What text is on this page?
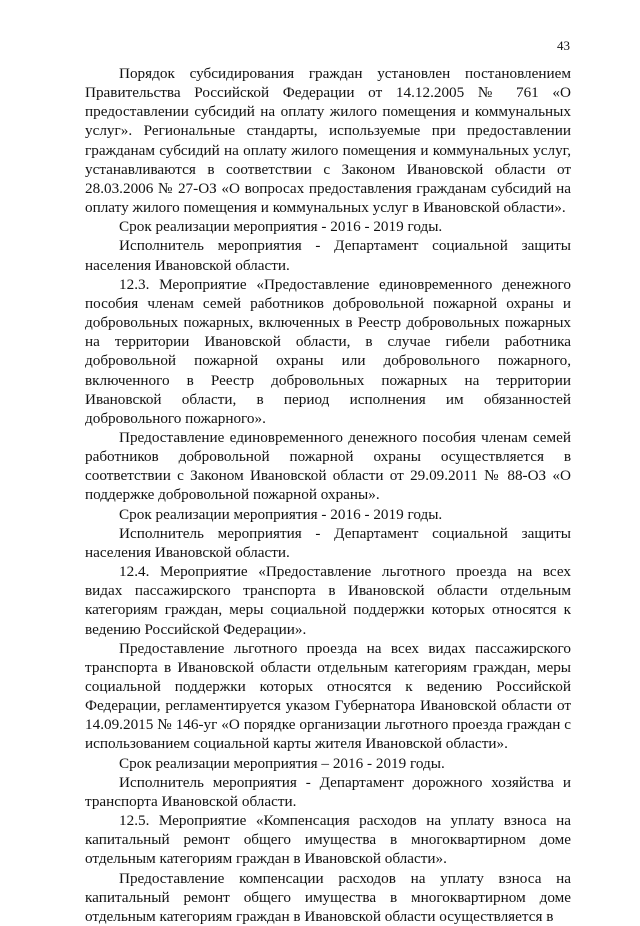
43

Порядок субсидирования граждан установлен постановлением Правительства Российской Федерации от 14.12.2005 № 761 «О предоставлении субсидий на оплату жилого помещения и коммунальных услуг». Региональные стандарты, используемые при предоставлении гражданам субсидий на оплату жилого помещения и коммунальных услуг, устанавливаются в соответствии с Законом Ивановской области от 28.03.2006 № 27-ОЗ «О вопросах предоставления гражданам субсидий на оплату жилого помещения и коммунальных услуг в Ивановской области».

Срок реализации мероприятия - 2016 - 2019 годы.

Исполнитель мероприятия - Департамент социальной защиты населения Ивановской области.

12.3. Мероприятие «Предоставление единовременного денежного пособия членам семей работников добровольной пожарной охраны и добровольных пожарных, включенных в Реестр добровольных пожарных на территории Ивановской области, в случае гибели работника добровольной пожарной охраны или добровольного пожарного, включенного в Реестр добровольных пожарных на территории Ивановской области, в период исполнения им обязанностей добровольного пожарного».

Предоставление единовременного денежного пособия членам семей работников добровольной пожарной охраны осуществляется в соответствии с Законом Ивановской области от 29.09.2011 № 88-ОЗ «О поддержке добровольной пожарной охраны».

Срок реализации мероприятия - 2016 - 2019 годы.

Исполнитель мероприятия - Департамент социальной защиты населения Ивановской области.

12.4. Мероприятие «Предоставление льготного проезда на всех видах пассажирского транспорта в Ивановской области отдельным категориям граждан, меры социальной поддержки которых относятся к ведению Российской Федерации».

Предоставление льготного проезда на всех видах пассажирского транспорта в Ивановской области отдельным категориям граждан, меры социальной поддержки которых относятся к ведению Российской Федерации, регламентируется указом Губернатора Ивановской области от 14.09.2015 № 146-уг «О порядке организации льготного проезда граждан с использованием социальной карты жителя Ивановской области».

Срок реализации мероприятия – 2016 - 2019 годы.

Исполнитель мероприятия - Департамент дорожного хозяйства и транспорта Ивановской области.

12.5. Мероприятие «Компенсация расходов на уплату взноса на капитальный ремонт общего имущества в многоквартирном доме отдельным категориям граждан в Ивановской области».

Предоставление компенсации расходов на уплату взноса на капитальный ремонт общего имущества в многоквартирном доме отдельным категориям граждан в Ивановской области осуществляется в
